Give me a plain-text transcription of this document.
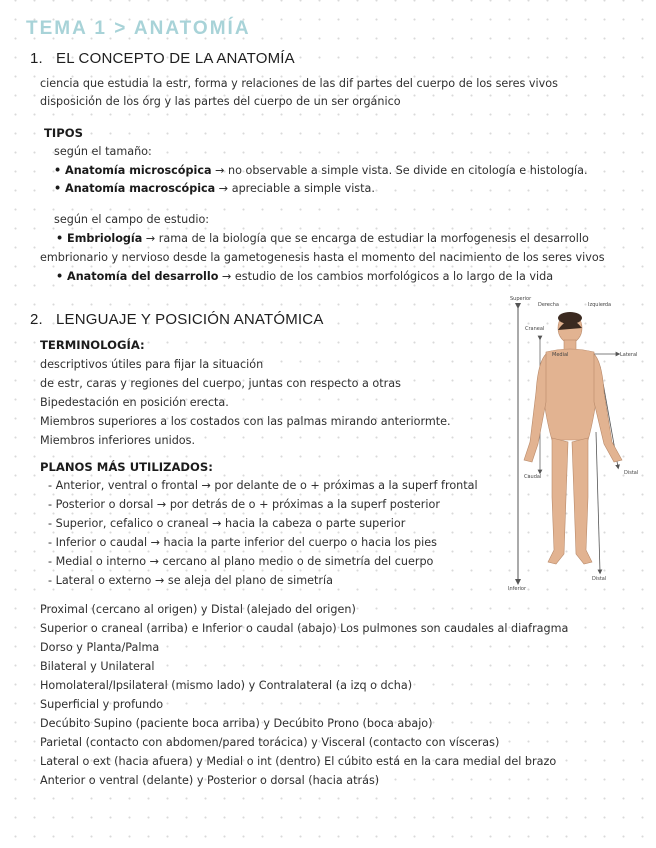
TEMA 1 > ANATOMÍA
1. EL CONCEPTO DE LA ANATOMÍA
ciencia que estudia la estr, forma y relaciones de las dif partes del cuerpo de los seres vivos
disposición de los órg y las partes del cuerpo de un ser orgánico
TIPOS
según el tamaño:
• Anatomía microscópica → no observable a simple vista. Se divide en citología e histología.
• Anatomía macroscópica → apreciable a simple vista.
según el campo de estudio:
• Embriología → rama de la biología que se encarga de estudiar la morfogenesis el desarrollo
embrionario y nervioso desde la gametogenesis hasta el momento del nacimiento de los seres vivos
• Anatomía del desarrollo → estudio de los cambios morfológicos a lo largo de la vida
2. LENGUAJE Y POSICIÓN ANATÓMICA
TERMINOLOGÍA:
descriptivos útiles para fijar la situación
de estr, caras y regiones del cuerpo, juntas con respecto a otras
Bipedestación en posición erecta.
Miembros superiores a los costados con las palmas mirando anteriormte.
Miembros inferiores unidos.
PLANOS MÁS UTILIZADOS:
- Anterior, ventral o frontal → por delante de o + próximas a la superf frontal
- Posterior o dorsal → por detrás de o + próximas a la superf posterior
- Superior, cefalico o craneal → hacia la cabeza o parte superior
- Inferior o caudal → hacia la parte inferior del cuerpo o hacia los pies
- Medial o interno → cercano al plano medio o de simetría del cuerpo
- Lateral o externo → se aleja del plano de simetría
Proximal (cercano al origen) y Distal (alejado del origen)
Superior o craneal (arriba) e Inferior o caudal (abajo) Los pulmones son caudales al diafragma
Dorso y Planta/Palma
Bilateral y Unilateral
Homolateral/Ipsilateral (mismo lado) y Contralateral (a izq o dcha)
Superficial y profundo
Decúbito Supino (paciente boca arriba) y Decúbito Prono (boca abajo)
Parietal (contacto con abdomen/pared torácica) y Visceral (contacto con vísceras)
Lateral o ext (hacia afuera) y Medial o int (dentro) El cúbito está en la cara medial del brazo
Anterior o ventral (delante) y Posterior o dorsal (hacia atrás)
Superior
Derecha	Izquierda
Craneal
Medial	Lateral
Caudal
Distal
Distal
Inferior
